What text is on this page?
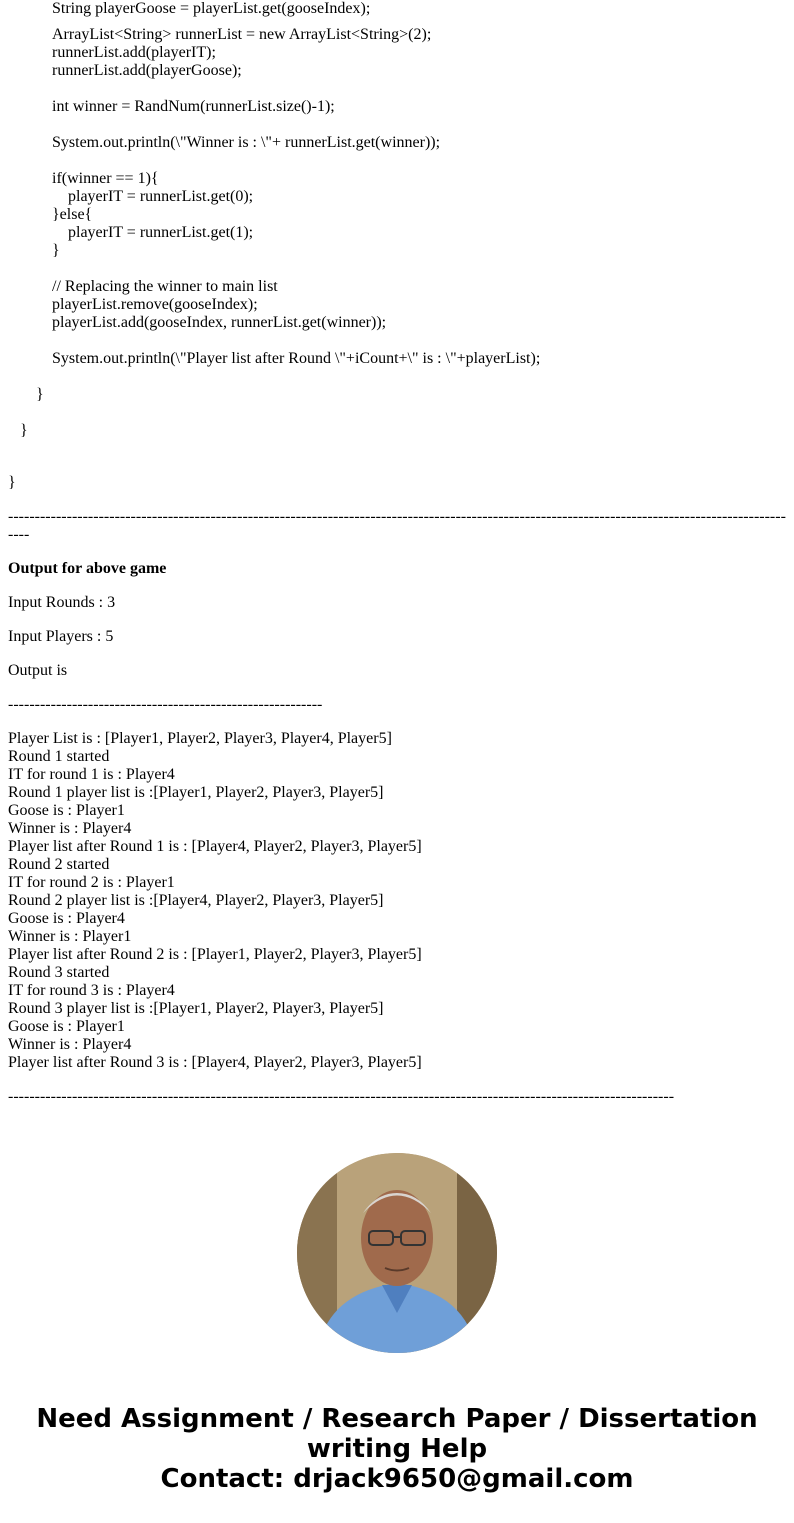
String playerGoose = playerList.get(gooseIndex);
ArrayList<String> runnerList = new ArrayList<String>(2);
runnerList.add(playerIT);
runnerList.add(playerGoose);
int winner = RandNum(runnerList.size()-1);
System.out.println(\"Winner is : \"+ runnerList.get(winner));
if(winner == 1){
playerIT = runnerList.get(0);
}else{
playerIT = runnerList.get(1);
}
// Replacing the winner to main list
playerList.remove(gooseIndex);
playerList.add(gooseIndex, runnerList.get(winner));
System.out.println(\"Player list after Round \"+iCount+\" is : \"+playerList);
}
}
}
------------------------------------------------------------------------------------------------------------------------------------------------------
Output for above game
Input Rounds : 3
Input Players : 5
Output is
-----------------------------------------------------------
Player List is : [Player1, Player2, Player3, Player4, Player5]
Round 1 started
IT for round 1 is : Player4
Round 1 player list is :[Player1, Player2, Player3, Player5]
Goose is : Player1
Winner is : Player4
Player list after Round 1 is : [Player4, Player2, Player3, Player5]
Round 2 started
IT for round 2 is : Player1
Round 2 player list is :[Player4, Player2, Player3, Player5]
Goose is : Player4
Winner is : Player1
Player list after Round 2 is : [Player1, Player2, Player3, Player5]
Round 3 started
IT for round 3 is : Player4
Round 3 player list is :[Player1, Player2, Player3, Player5]
Goose is : Player1
Winner is : Player4
Player list after Round 3 is : [Player4, Player2, Player3, Player5]
-----------------------------------------------------------------------------------------------------------------------------
Need Assignment / Research Paper / Dissertation
writing Help
Contact: drjack9650@gmail.com
